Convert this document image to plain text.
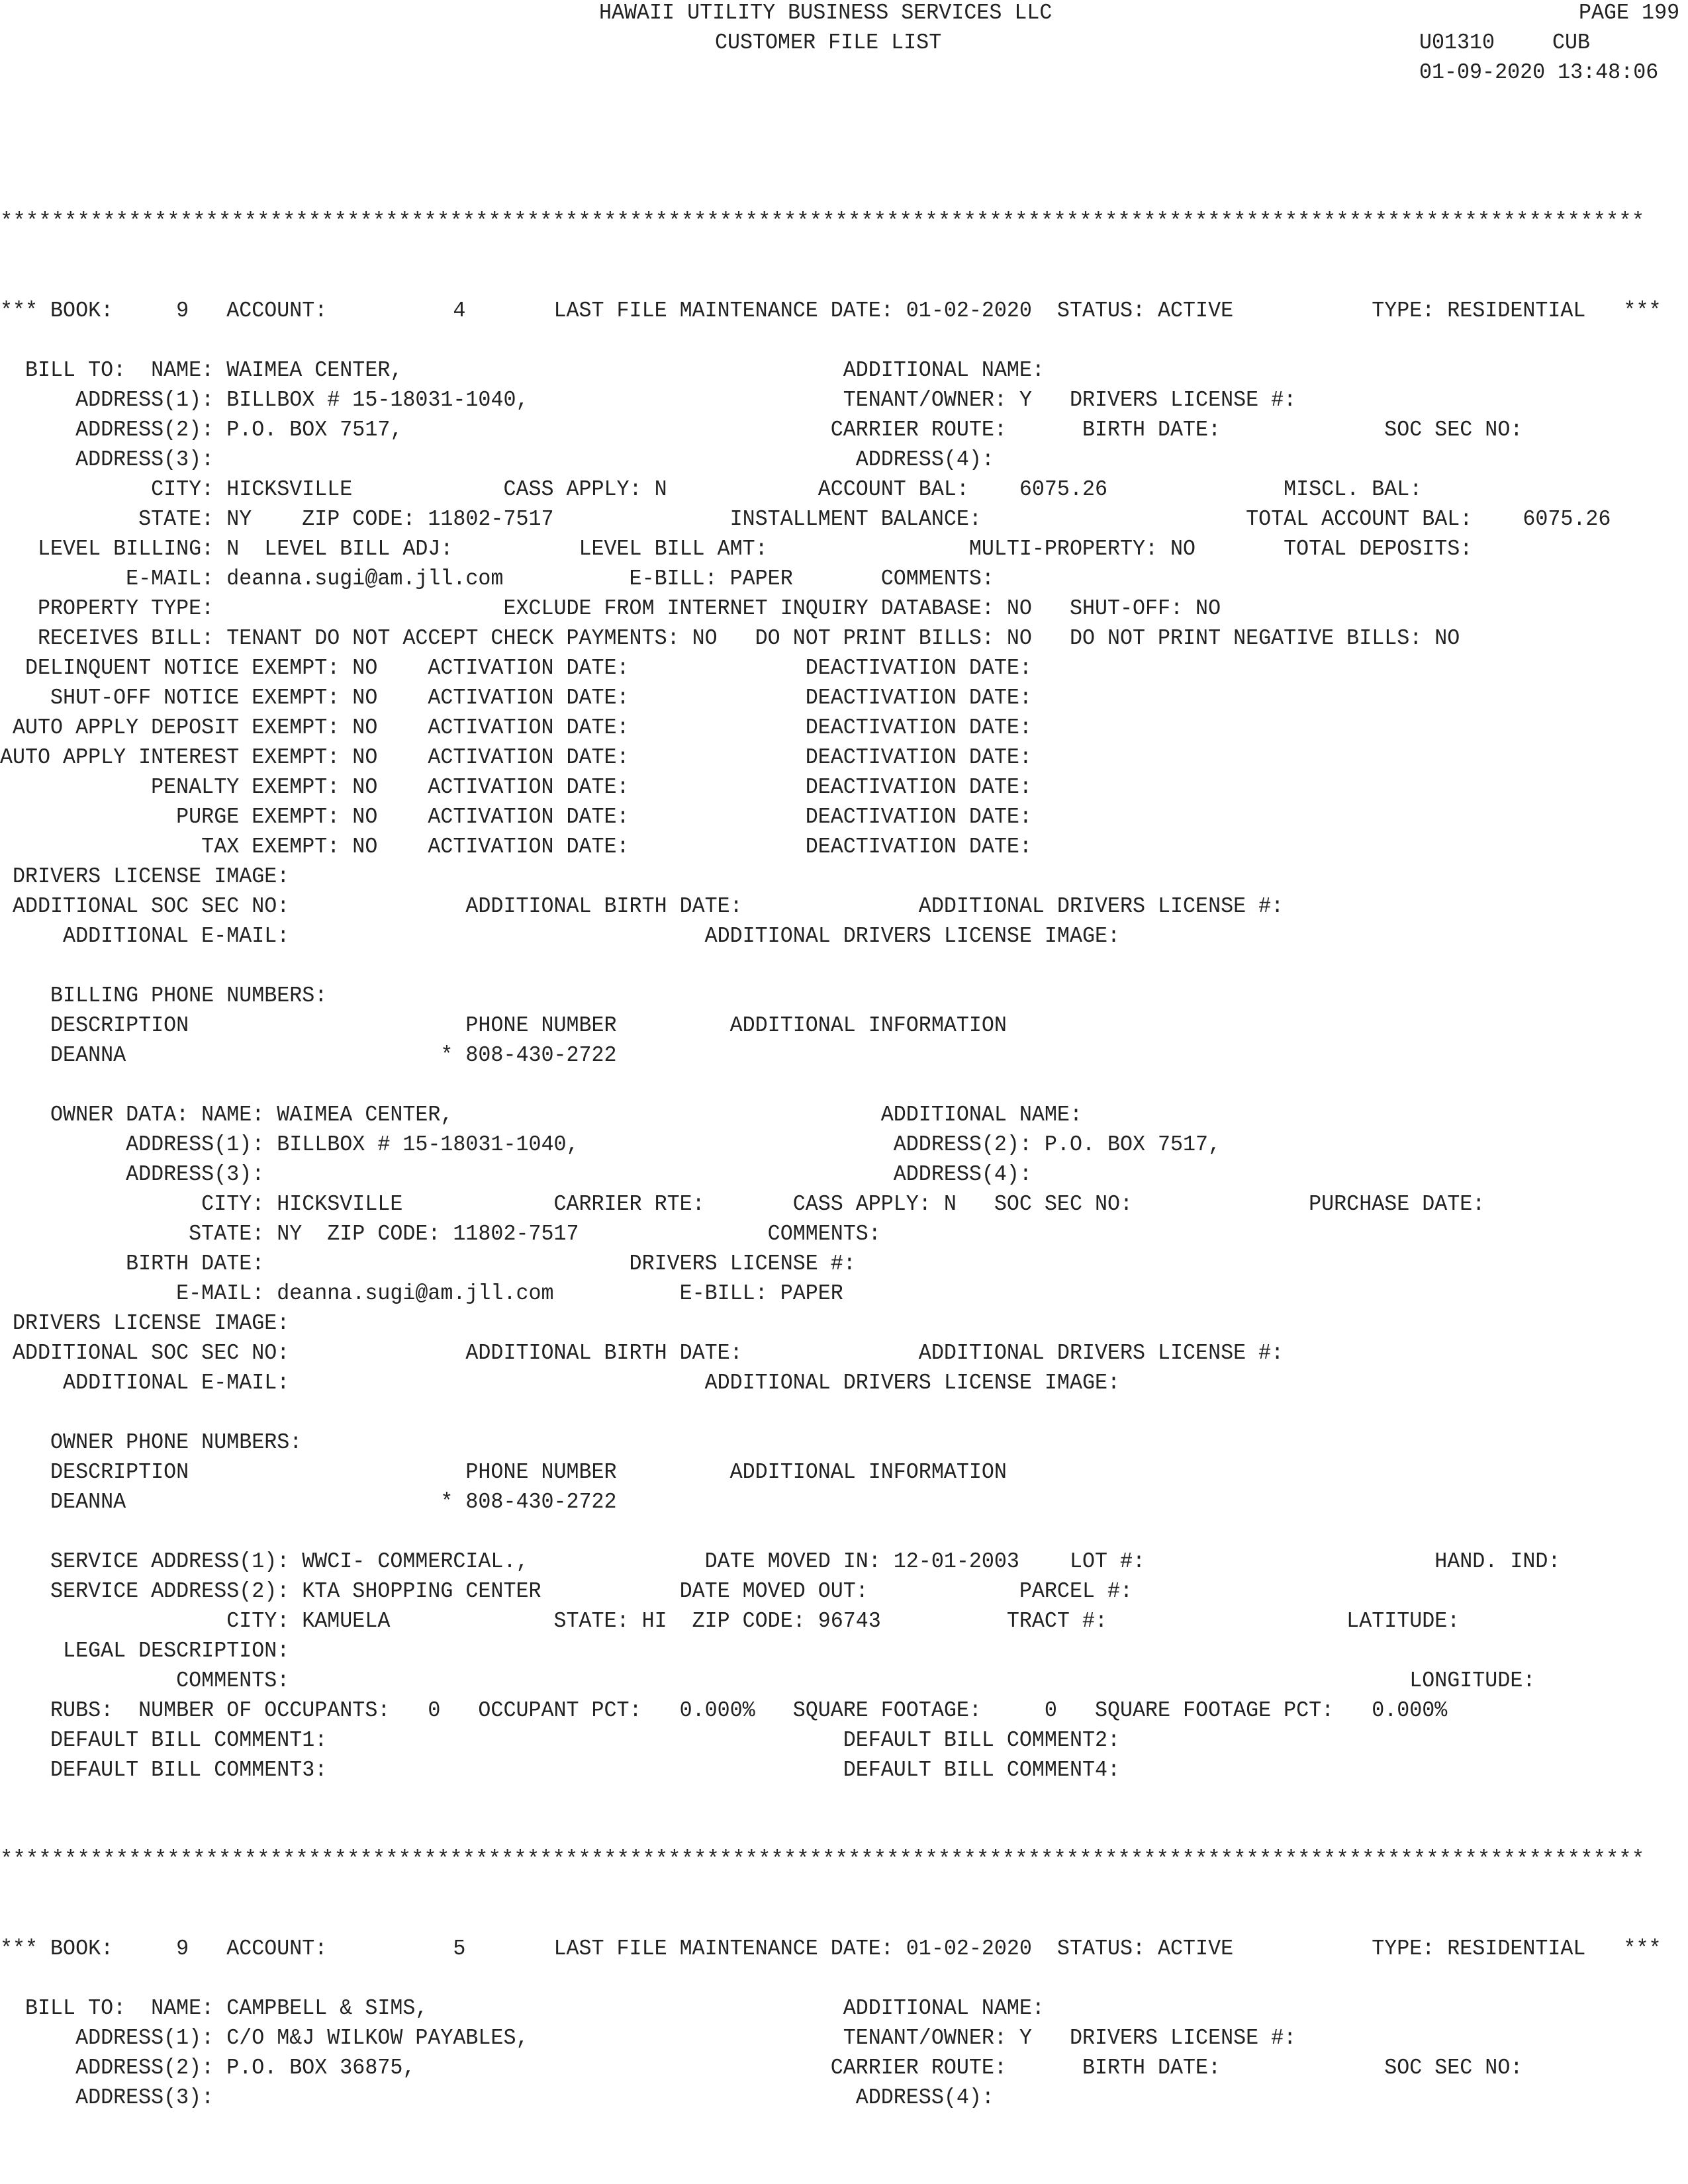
HAWAII UTILITY BUSINESS SERVICES LLC
CUSTOMER FILE LIST
PAGE 199
U01310	CUB
01-09-2020 13:48:06
********************************************************************************************************************************
********************************************************************************************************************************
*** BOOK:     9   ACCOUNT:          4       LAST FILE MAINTENANCE DATE: 01-02-2020  STATUS: ACTIVE           TYPE: RESIDENTIAL   ***
BILL TO:  NAME: WAIMEA CENTER,                                   ADDITIONAL NAME:
ADDRESS(1): BILLBOX # 15-18031-1040,                         TENANT/OWNER: Y   DRIVERS LICENSE #:
ADDRESS(2): P.O. BOX 7517,                                  CARRIER ROUTE:      BIRTH DATE:             SOC SEC NO:
ADDRESS(3):                                                   ADDRESS(4):
CITY: HICKSVILLE            CASS APPLY: N            ACCOUNT BAL:    6075.26              MISCL. BAL:
STATE: NY    ZIP CODE: 11802-7517              INSTALLMENT BALANCE:                     TOTAL ACCOUNT BAL:    6075.26
LEVEL BILLING: N  LEVEL BILL ADJ:          LEVEL BILL AMT:                MULTI-PROPERTY: NO       TOTAL DEPOSITS:
E-MAIL: deanna.sugi@am.jll.com          E-BILL: PAPER       COMMENTS:
PROPERTY TYPE:                       EXCLUDE FROM INTERNET INQUIRY DATABASE: NO   SHUT-OFF: NO
RECEIVES BILL: TENANT DO NOT ACCEPT CHECK PAYMENTS: NO   DO NOT PRINT BILLS: NO   DO NOT PRINT NEGATIVE BILLS: NO
DELINQUENT NOTICE EXEMPT: NO    ACTIVATION DATE:              DEACTIVATION DATE:
SHUT-OFF NOTICE EXEMPT: NO    ACTIVATION DATE:              DEACTIVATION DATE:
AUTO APPLY DEPOSIT EXEMPT: NO    ACTIVATION DATE:              DEACTIVATION DATE:
AUTO APPLY INTEREST EXEMPT: NO    ACTIVATION DATE:              DEACTIVATION DATE:
PENALTY EXEMPT: NO    ACTIVATION DATE:              DEACTIVATION DATE:
PURGE EXEMPT: NO    ACTIVATION DATE:              DEACTIVATION DATE:
TAX EXEMPT: NO    ACTIVATION DATE:              DEACTIVATION DATE:
DRIVERS LICENSE IMAGE:
ADDITIONAL SOC SEC NO:              ADDITIONAL BIRTH DATE:              ADDITIONAL DRIVERS LICENSE #:
ADDITIONAL E-MAIL:                                 ADDITIONAL DRIVERS LICENSE IMAGE:
BILLING PHONE NUMBERS:
DESCRIPTION                      PHONE NUMBER         ADDITIONAL INFORMATION
DEANNA                         * 808-430-2722
OWNER DATA: NAME: WAIMEA CENTER,                                  ADDITIONAL NAME:
ADDRESS(1): BILLBOX # 15-18031-1040,                         ADDRESS(2): P.O. BOX 7517,
ADDRESS(3):                                                  ADDRESS(4):
CITY: HICKSVILLE            CARRIER RTE:       CASS APPLY: N   SOC SEC NO:              PURCHASE DATE:
STATE: NY  ZIP CODE: 11802-7517               COMMENTS:
BIRTH DATE:                             DRIVERS LICENSE #:
E-MAIL: deanna.sugi@am.jll.com          E-BILL: PAPER
DRIVERS LICENSE IMAGE:
ADDITIONAL SOC SEC NO:              ADDITIONAL BIRTH DATE:              ADDITIONAL DRIVERS LICENSE #:
ADDITIONAL E-MAIL:                                 ADDITIONAL DRIVERS LICENSE IMAGE:
OWNER PHONE NUMBERS:
DESCRIPTION                      PHONE NUMBER         ADDITIONAL INFORMATION
DEANNA                         * 808-430-2722
SERVICE ADDRESS(1): WWCI- COMMERCIAL.,              DATE MOVED IN: 12-01-2003    LOT #:                       HAND. IND:
SERVICE ADDRESS(2): KTA SHOPPING CENTER           DATE MOVED OUT:            PARCEL #:
CITY: KAMUELA             STATE: HI  ZIP CODE: 96743          TRACT #:                   LATITUDE:
LEGAL DESCRIPTION:
COMMENTS:                                                                                         LONGITUDE:
RUBS:  NUMBER OF OCCUPANTS:   0   OCCUPANT PCT:   0.000%   SQUARE FOOTAGE:     0   SQUARE FOOTAGE PCT:   0.000%
DEFAULT BILL COMMENT1:                                         DEFAULT BILL COMMENT2:
DEFAULT BILL COMMENT3:                                         DEFAULT BILL COMMENT4:
*** BOOK:     9   ACCOUNT:          5       LAST FILE MAINTENANCE DATE: 01-02-2020  STATUS: ACTIVE           TYPE: RESIDENTIAL   ***
BILL TO:  NAME: CAMPBELL & SIMS,                                 ADDITIONAL NAME:
ADDRESS(1): C/O M&J WILKOW PAYABLES,                         TENANT/OWNER: Y   DRIVERS LICENSE #:
ADDRESS(2): P.O. BOX 36875,                                 CARRIER ROUTE:      BIRTH DATE:             SOC SEC NO:
ADDRESS(3):                                                   ADDRESS(4):
